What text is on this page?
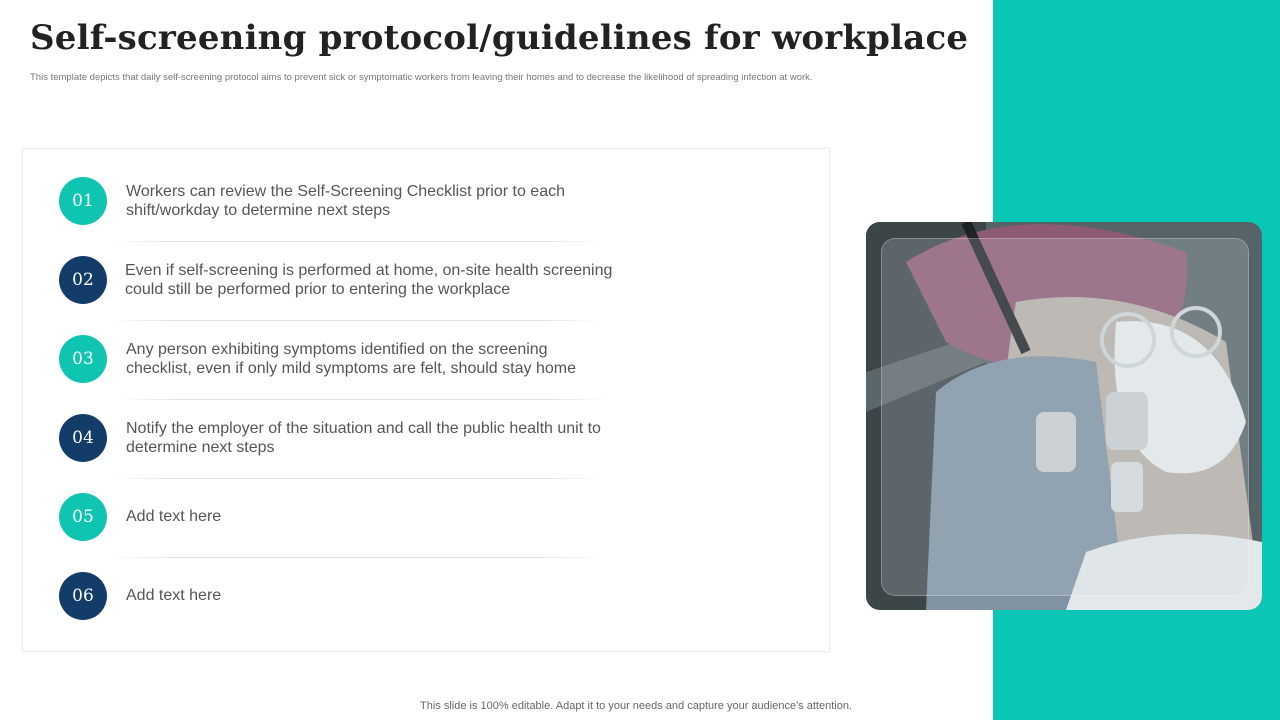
Self-screening protocol/guidelines for workplace

This template depicts that daily self-screening protocol aims to prevent sick or symptomatic workers from leaving their homes and to decrease the likelihood of spreading infection at work.

01	Workers can review the Self-Screening Checklist prior to each shift/workday to determine next steps
02	Even if self-screening is performed at home, on-site health screening could still be performed prior to entering the workplace
03	Any person exhibiting symptoms identified on the screening checklist, even if only mild symptoms are felt, should stay home
04	Notify the employer of the situation and call the public health unit to determine next steps
05	Add text here
06	Add text here

This slide is 100% editable. Adapt it to your needs and capture your audience's attention.
